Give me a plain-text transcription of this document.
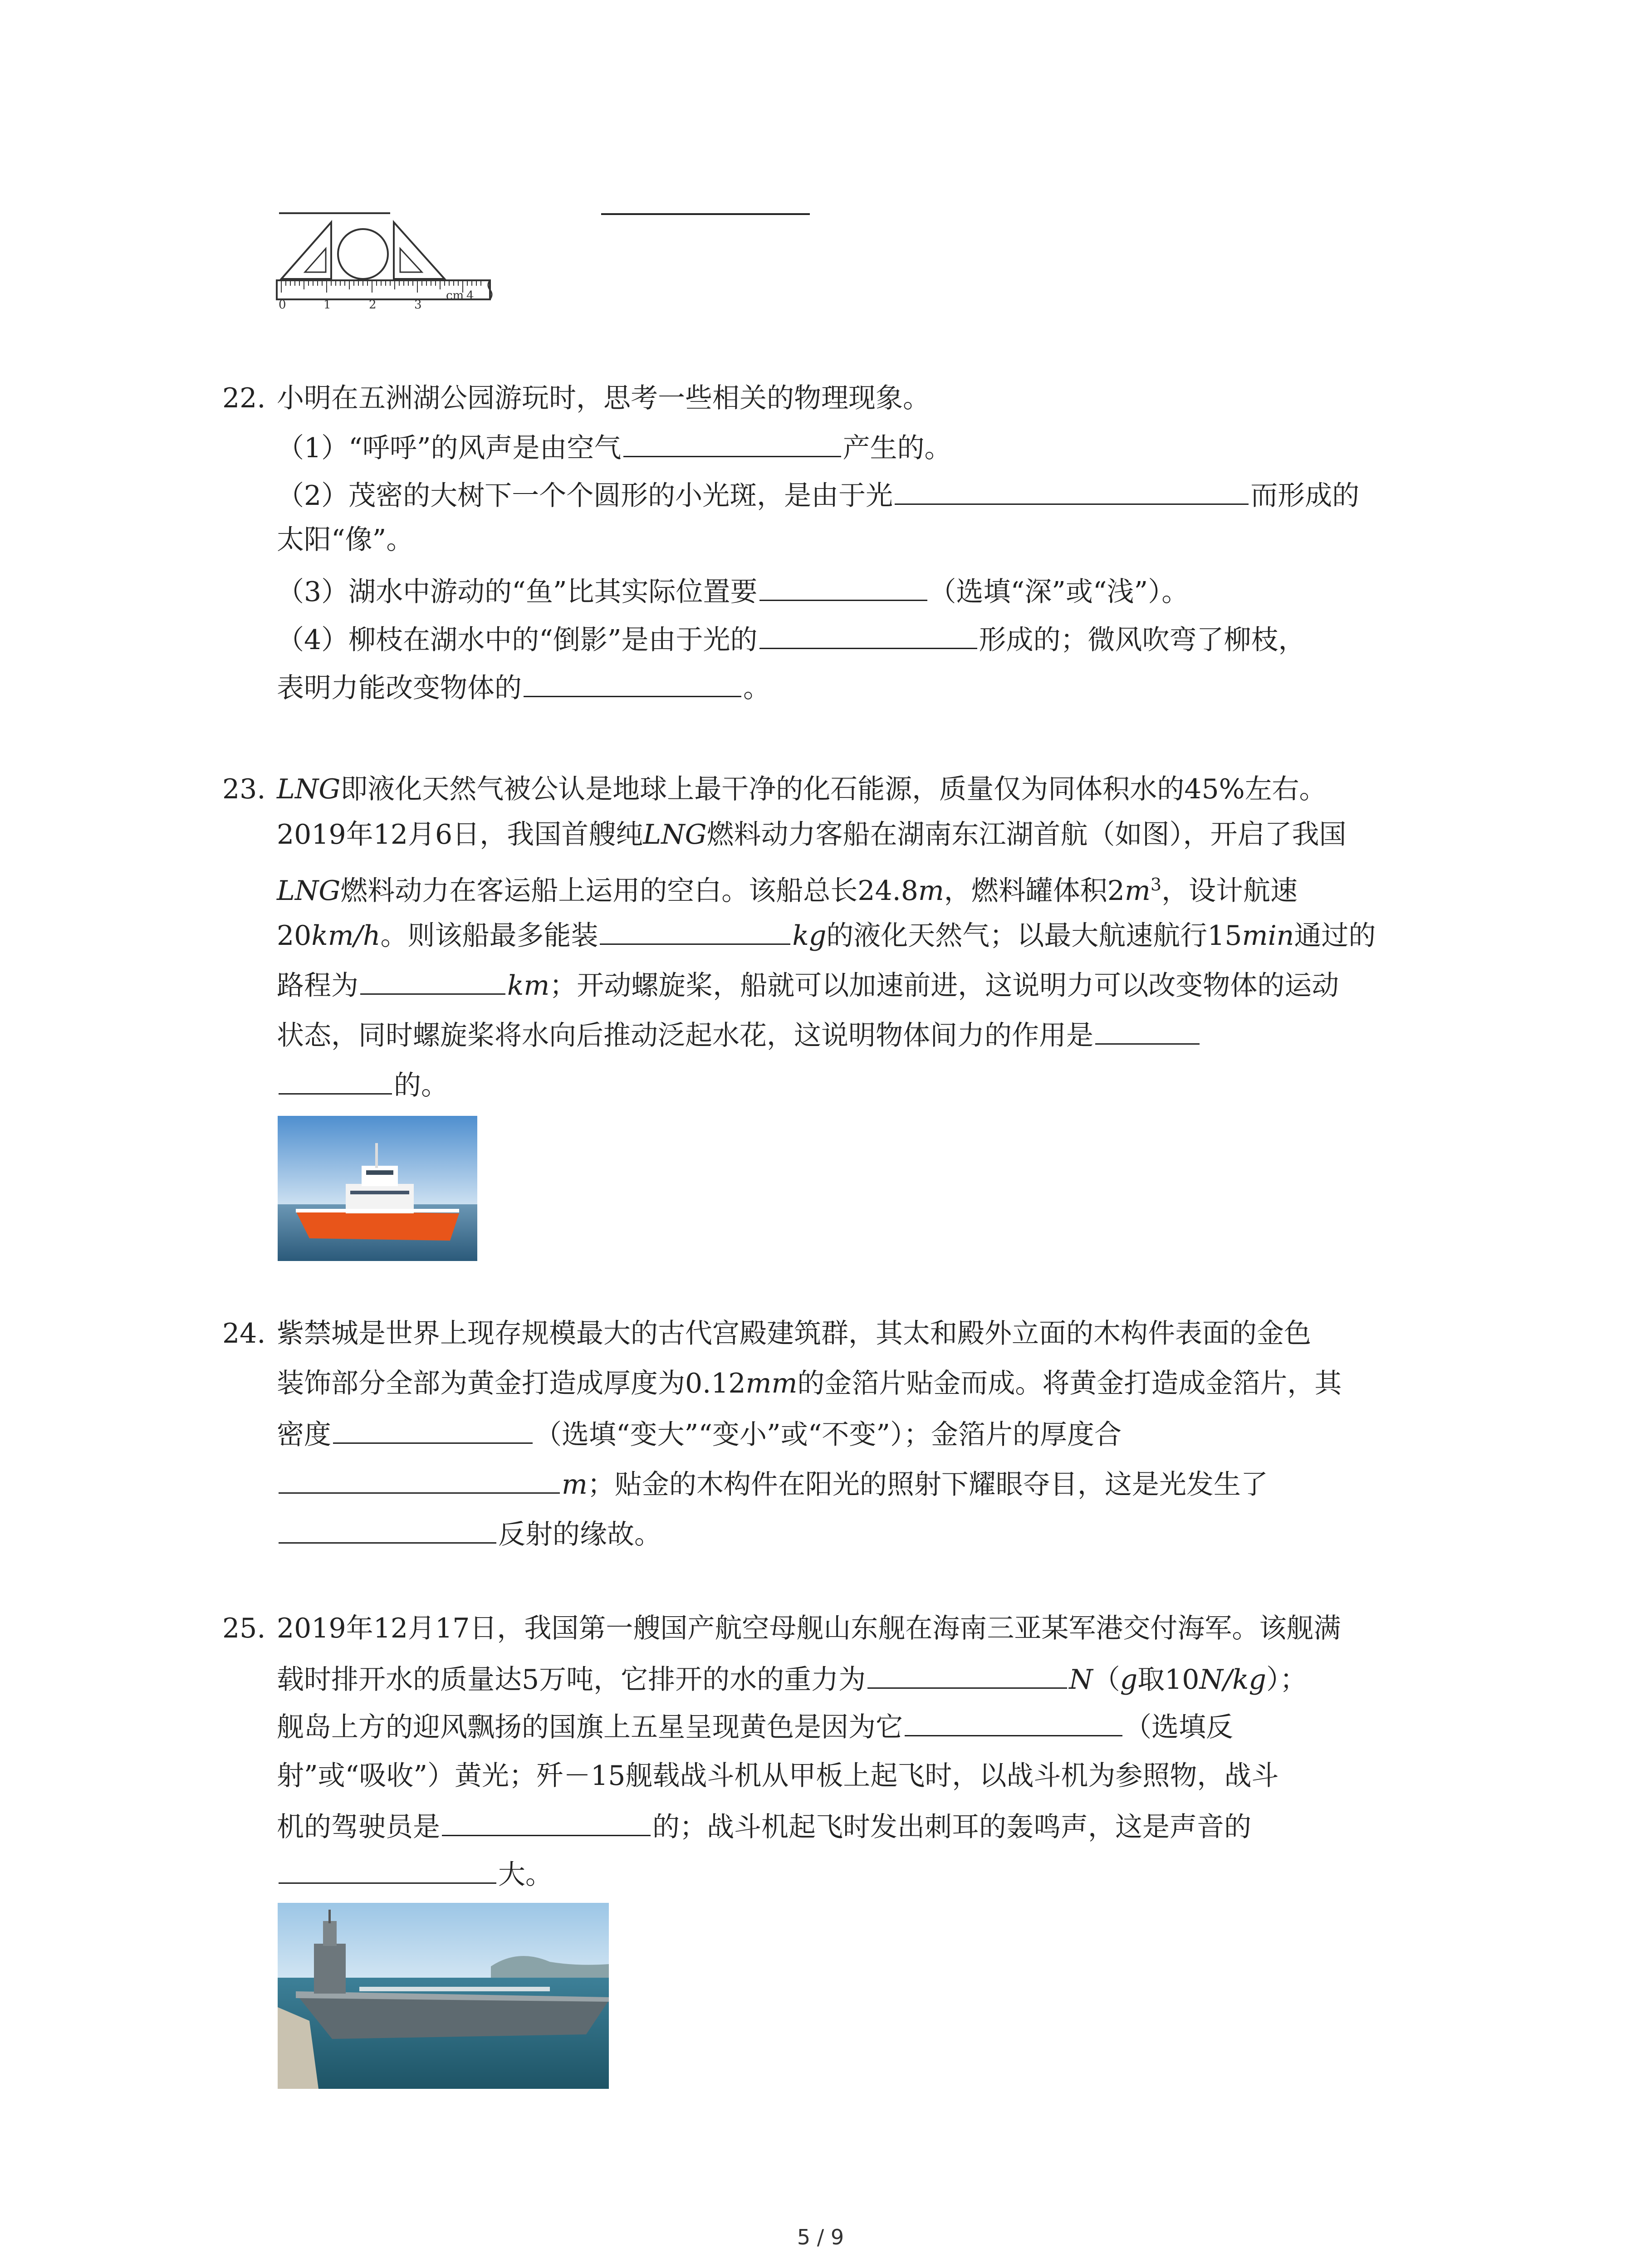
0	1	2	3
cm 4
22. 小明在五洲湖公园游玩时，思考一些相关的物理现象。
（1）“呼呼”的风声是由空气	产生的。
（2）茂密的大树下一个个圆形的小光斑，是由于光	而形成的
太阳“像”。
（3）湖水中游动的“鱼”比其实际位置要	（选填“深”或“浅”）。
（4）柳枝在湖水中的“倒影”是由于光的	形成的；微风吹弯了柳枝，
表明力能改变物体的	。
23. LNG即液化天然气被公认是地球上最干净的化石能源，质量仅为同体积水的45%左右。
2019年12月6日，我国首艘纯LNG燃料动力客船在湖南东江湖首航（如图），开启了我国
LNG燃料动力在客运船上运用的空白。该船总长24.8m，燃料罐体积$2m^3$，设计航速
20km/h。则该船最多能装	kg的液化天然气；以最大航速航行15min通过的
路程为	km；开动螺旋桨，船就可以加速前进，这说明力可以改变物体的运动
状态，同时螺旋桨将水向后推动泛起水花，这说明物体间力的作用是
的。
24. 紫禁城是世界上现存规模最大的古代宫殿建筑群，其太和殿外立面的木构件表面的金色
装饰部分全部为黄金打造成厚度为0.12mm的金箔片贴金而成。将黄金打造成金箔片，其
密度	（选填“变大”“变小”或“不变”）；金箔片的厚度合
m；贴金的木构件在阳光的照射下耀眼夺目，这是光发生了
反射的缘故。
25. 2019年12月17日，我国第一艘国产航空母舰山东舰在海南三亚某军港交付海军。该舰满
载时排开水的质量达5万吨，它排开的水的重力为	N（g取10N/kg）；
舰岛上方的迎风飘扬的国旗上五星呈现黄色是因为它	（选填反
射”或“吸收”）黄光；歼－15舰载战斗机从甲板上起飞时，以战斗机为参照物，战斗
机的驾驶员是	的；战斗机起飞时发出刺耳的轰鸣声，这是声音的
大。
5 / 9
